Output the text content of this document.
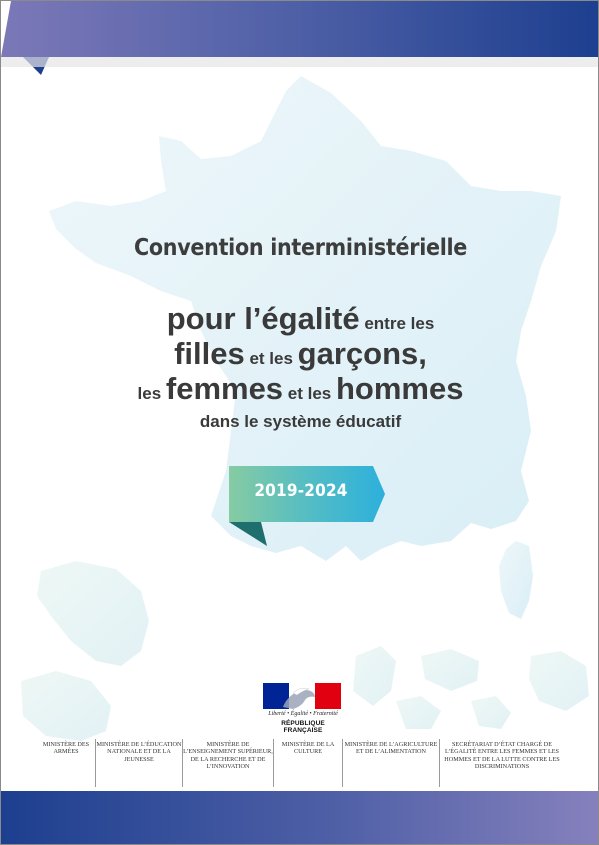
Convention interministérielle
pour l’égalité entre les
filles et les garçons,
les femmes et les hommes
dans le système éducatif
2019-2024
Liberté • Égalité • Fraternité
RÉPUBLIQUE FRANÇAISE
MINISTÈRE DES ARMÉES
MINISTÈRE DE L’ÉDUCATION NATIONALE ET DE LA JEUNESSE
MINISTÈRE DE L’ENSEIGNEMENT SUPÉRIEUR, DE LA RECHERCHE ET DE L’INNOVATION
MINISTÈRE DE LA CULTURE
MINISTÈRE DE L’AGRICULTURE ET DE L’ALIMENTATION
SECRÉTARIAT D’ÉTAT CHARGÉ DE L’ÉGALITÉ ENTRE LES FEMMES ET LES HOMMES ET DE LA LUTTE CONTRE LES DISCRIMINATIONS
